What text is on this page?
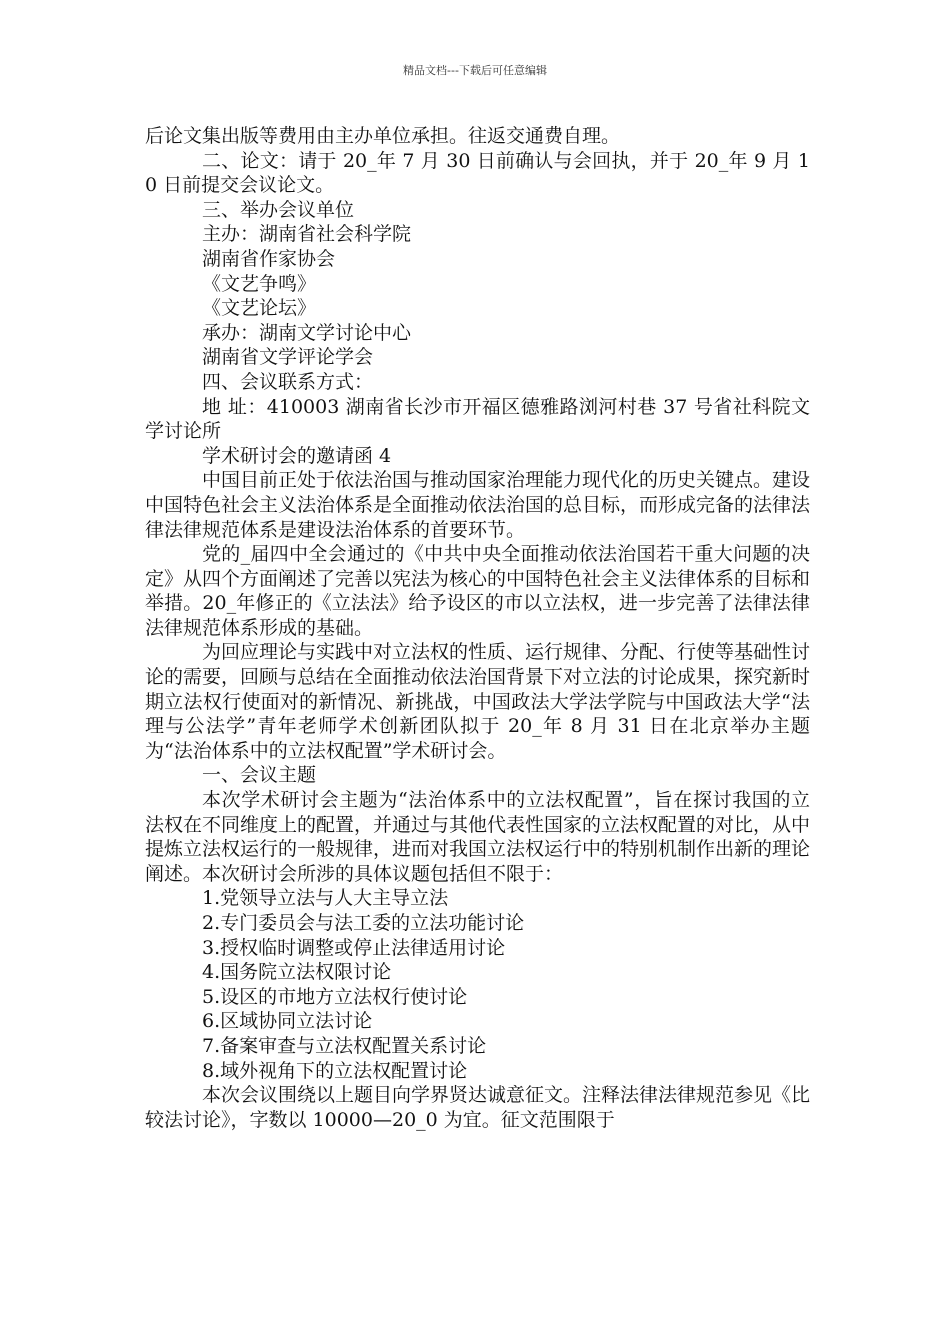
精品文档---下载后可任意编辑

后论文集出版等费用由主办单位承担。往返交通费自理。

二、论文：请于 20_年 7 月 30 日前确认与会回执，并于 20_年 9 月 10 日前提交会议论文。

三、举办会议单位

主办：湖南省社会科学院

湖南省作家协会

《文艺争鸣》

《文艺论坛》

承办：湖南文学讨论中心

湖南省文学评论学会

四、会议联系方式：

地 址：410003 湖南省长沙市开福区德雅路浏河村巷 37 号省社科院文学讨论所

学术研讨会的邀请函 4

中国目前正处于依法治国与推动国家治理能力现代化的历史关键点。建设中国特色社会主义法治体系是全面推动依法治国的总目标，而形成完备的法律法律法律规范体系是建设法治体系的首要环节。

党的_届四中全会通过的《中共中央全面推动依法治国若干重大问题的决定》从四个方面阐述了完善以宪法为核心的中国特色社会主义法律体系的目标和举措。20_年修正的《立法法》给予设区的市以立法权，进一步完善了法律法律法律规范体系形成的基础。

为回应理论与实践中对立法权的性质、运行规律、分配、行使等基础性讨论的需要，回顾与总结在全面推动依法治国背景下对立法的讨论成果，探究新时期立法权行使面对的新情况、新挑战，中国政法大学法学院与中国政法大学“法理与公法学”青年老师学术创新团队拟于 20_年 8 月 31 日在北京举办主题为“法治体系中的立法权配置”学术研讨会。

一、会议主题

本次学术研讨会主题为“法治体系中的立法权配置”，旨在探讨我国的立法权在不同维度上的配置，并通过与其他代表性国家的立法权配置的对比，从中提炼立法权运行的一般规律，进而对我国立法权运行中的特别机制作出新的理论阐述。本次研讨会所涉的具体议题包括但不限于：

1.党领导立法与人大主导立法

2.专门委员会与法工委的立法功能讨论

3.授权临时调整或停止法律适用讨论

4.国务院立法权限讨论

5.设区的市地方立法权行使讨论

6.区域协同立法讨论

7.备案审查与立法权配置关系讨论

8.域外视角下的立法权配置讨论

本次会议围绕以上题目向学界贤达诚意征文。注释法律法律规范参见《比较法讨论》，字数以 10000—20_0 为宜。征文范围限于
